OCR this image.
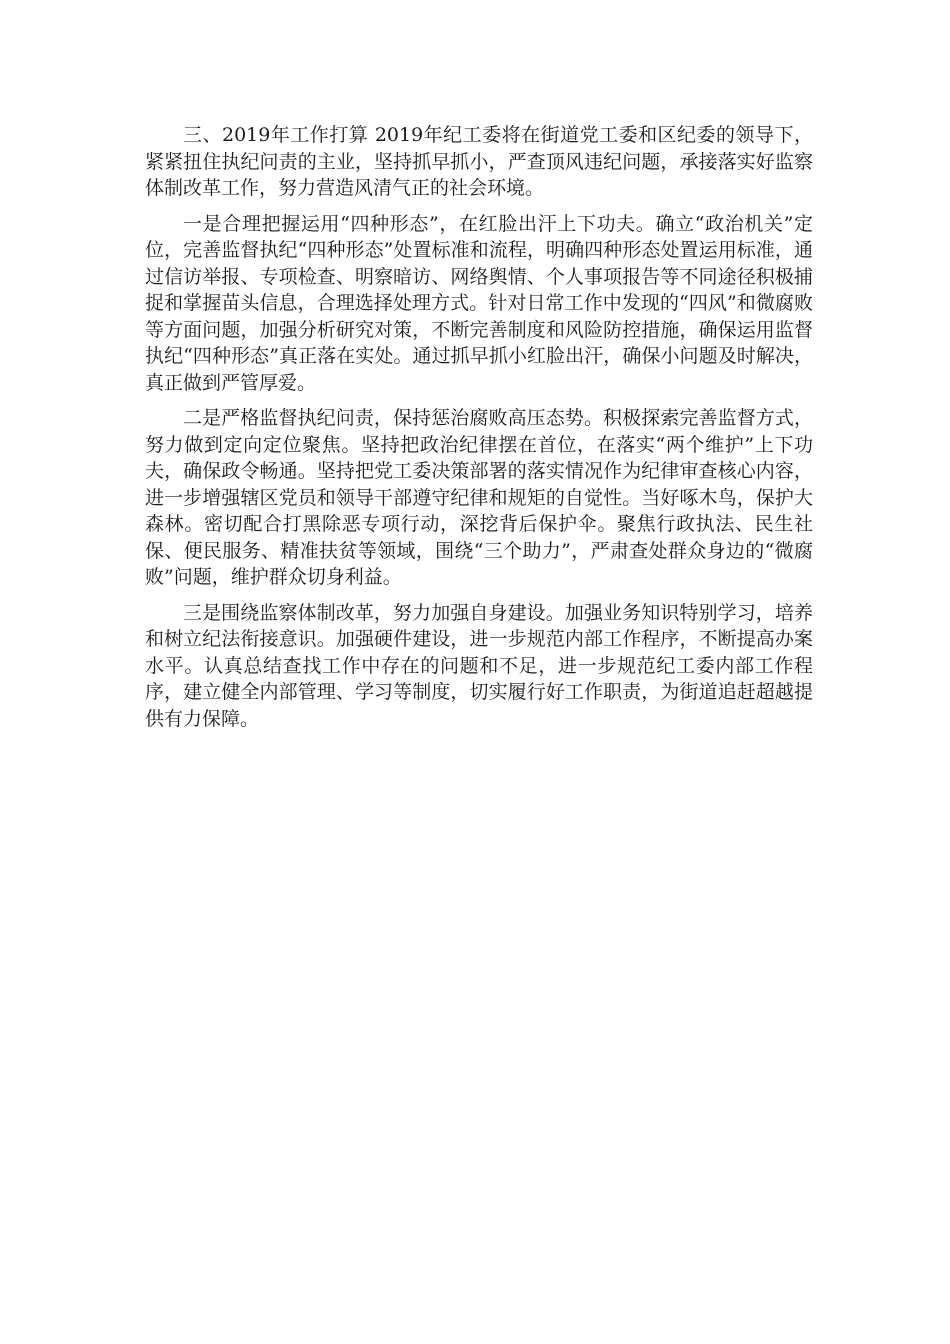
三、2019年工作打算 2019年纪工委将在街道党工委和区纪委的领导下，紧紧扭住执纪问责的主业，坚持抓早抓小，严查顶风违纪问题，承接落实好监察体制改革工作，努力营造风清气正的社会环境。

一是合理把握运用“四种形态”，在红脸出汗上下功夫。确立“政治机关”定位，完善监督执纪“四种形态”处置标准和流程，明确四种形态处置运用标准，通过信访举报、专项检查、明察暗访、网络舆情、个人事项报告等不同途径积极捕捉和掌握苗头信息，合理选择处理方式。针对日常工作中发现的“四风”和微腐败等方面问题，加强分析研究对策，不断完善制度和风险防控措施，确保运用监督执纪“四种形态”真正落在实处。通过抓早抓小红脸出汗，确保小问题及时解决，真正做到严管厚爱。

二是严格监督执纪问责，保持惩治腐败高压态势。积极探索完善监督方式，努力做到定向定位聚焦。坚持把政治纪律摆在首位，在落实“两个维护”上下功夫，确保政令畅通。坚持把党工委决策部署的落实情况作为纪律审查核心内容，进一步增强辖区党员和领导干部遵守纪律和规矩的自觉性。当好啄木鸟，保护大森林。密切配合打黑除恶专项行动，深挖背后保护伞。聚焦行政执法、民生社保、便民服务、精准扶贫等领域，围绕“三个助力”，严肃查处群众身边的“微腐败”问题，维护群众切身利益。

三是围绕监察体制改革，努力加强自身建设。加强业务知识特别学习，培养和树立纪法衔接意识。加强硬件建设，进一步规范内部工作程序，不断提高办案水平。认真总结查找工作中存在的问题和不足，进一步规范纪工委内部工作程序，建立健全内部管理、学习等制度，切实履行好工作职责，为街道追赶超越提供有力保障。
